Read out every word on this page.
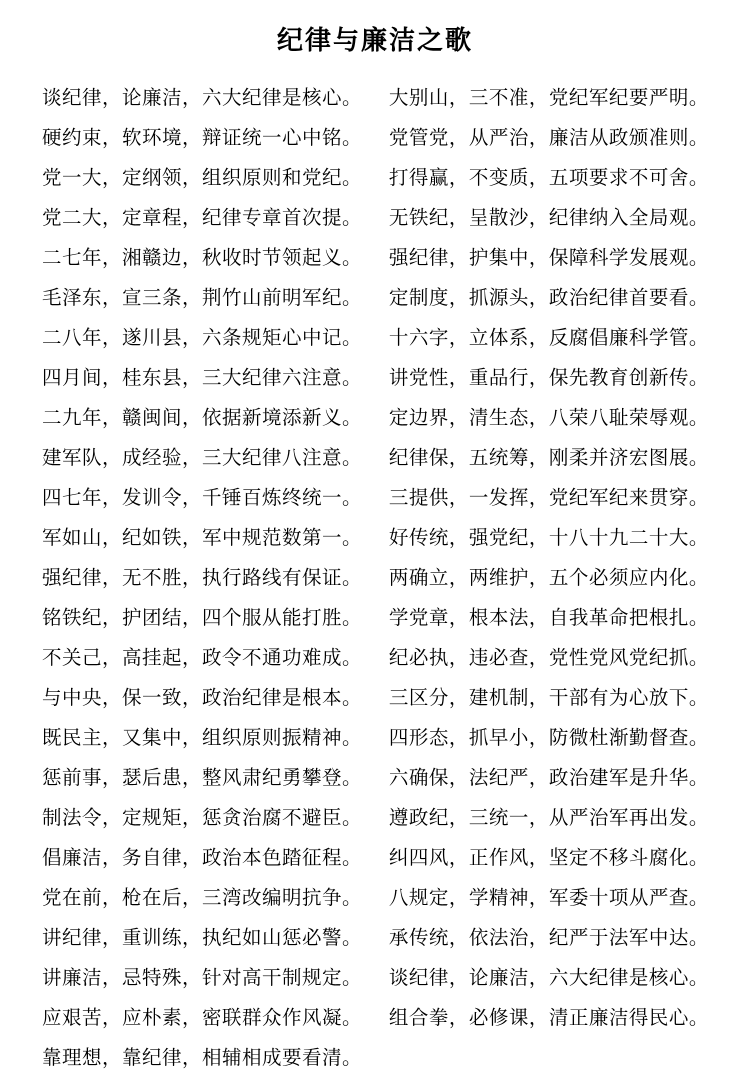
纪律与廉洁之歌
谈纪律，论廉洁，六大纪律是核心。
硬约束，软环境，辩证统一心中铭。
党一大，定纲领，组织原则和党纪。
党二大，定章程，纪律专章首次提。
二七年，湘赣边，秋收时节领起义。
毛泽东，宣三条，荆竹山前明军纪。
二八年，遂川县，六条规矩心中记。
四月间，桂东县，三大纪律六注意。
二九年，赣闽间，依据新境添新义。
建军队，成经验，三大纪律八注意。
四七年，发训令，千锤百炼终统一。
军如山，纪如铁，军中规范数第一。
强纪律，无不胜，执行路线有保证。
铭铁纪，护团结，四个服从能打胜。
不关己，高挂起，政令不通功难成。
与中央，保一致，政治纪律是根本。
既民主，又集中，组织原则振精神。
惩前事，瑟后患，整风肃纪勇攀登。
制法令，定规矩，惩贪治腐不避臣。
倡廉洁，务自律，政治本色踏征程。
党在前，枪在后，三湾改编明抗争。
讲纪律，重训练，执纪如山惩必警。
讲廉洁，忌特殊，针对高干制规定。
应艰苦，应朴素，密联群众作风凝。
靠理想，靠纪律，相辅相成要看清。
大别山，三不准，党纪军纪要严明。
党管党，从严治，廉洁从政颁准则。
打得赢，不变质，五项要求不可舍。
无铁纪，呈散沙，纪律纳入全局观。
强纪律，护集中，保障科学发展观。
定制度，抓源头，政治纪律首要看。
十六字，立体系，反腐倡廉科学管。
讲党性，重品行，保先教育创新传。
定边界，清生态，八荣八耻荣辱观。
纪律保，五统筹，刚柔并济宏图展。
三提供，一发挥，党纪军纪来贯穿。
好传统，强党纪，十八十九二十大。
两确立，两维护，五个必须应内化。
学党章，根本法，自我革命把根扎。
纪必执，违必查，党性党风党纪抓。
三区分，建机制，干部有为心放下。
四形态，抓早小，防微杜渐勤督查。
六确保，法纪严，政治建军是升华。
遵政纪，三统一，从严治军再出发。
纠四风，正作风，坚定不移斗腐化。
八规定，学精神，军委十项从严查。
承传统，依法治，纪严于法军中达。
谈纪律，论廉洁，六大纪律是核心。
组合拳，必修课，清正廉洁得民心。
